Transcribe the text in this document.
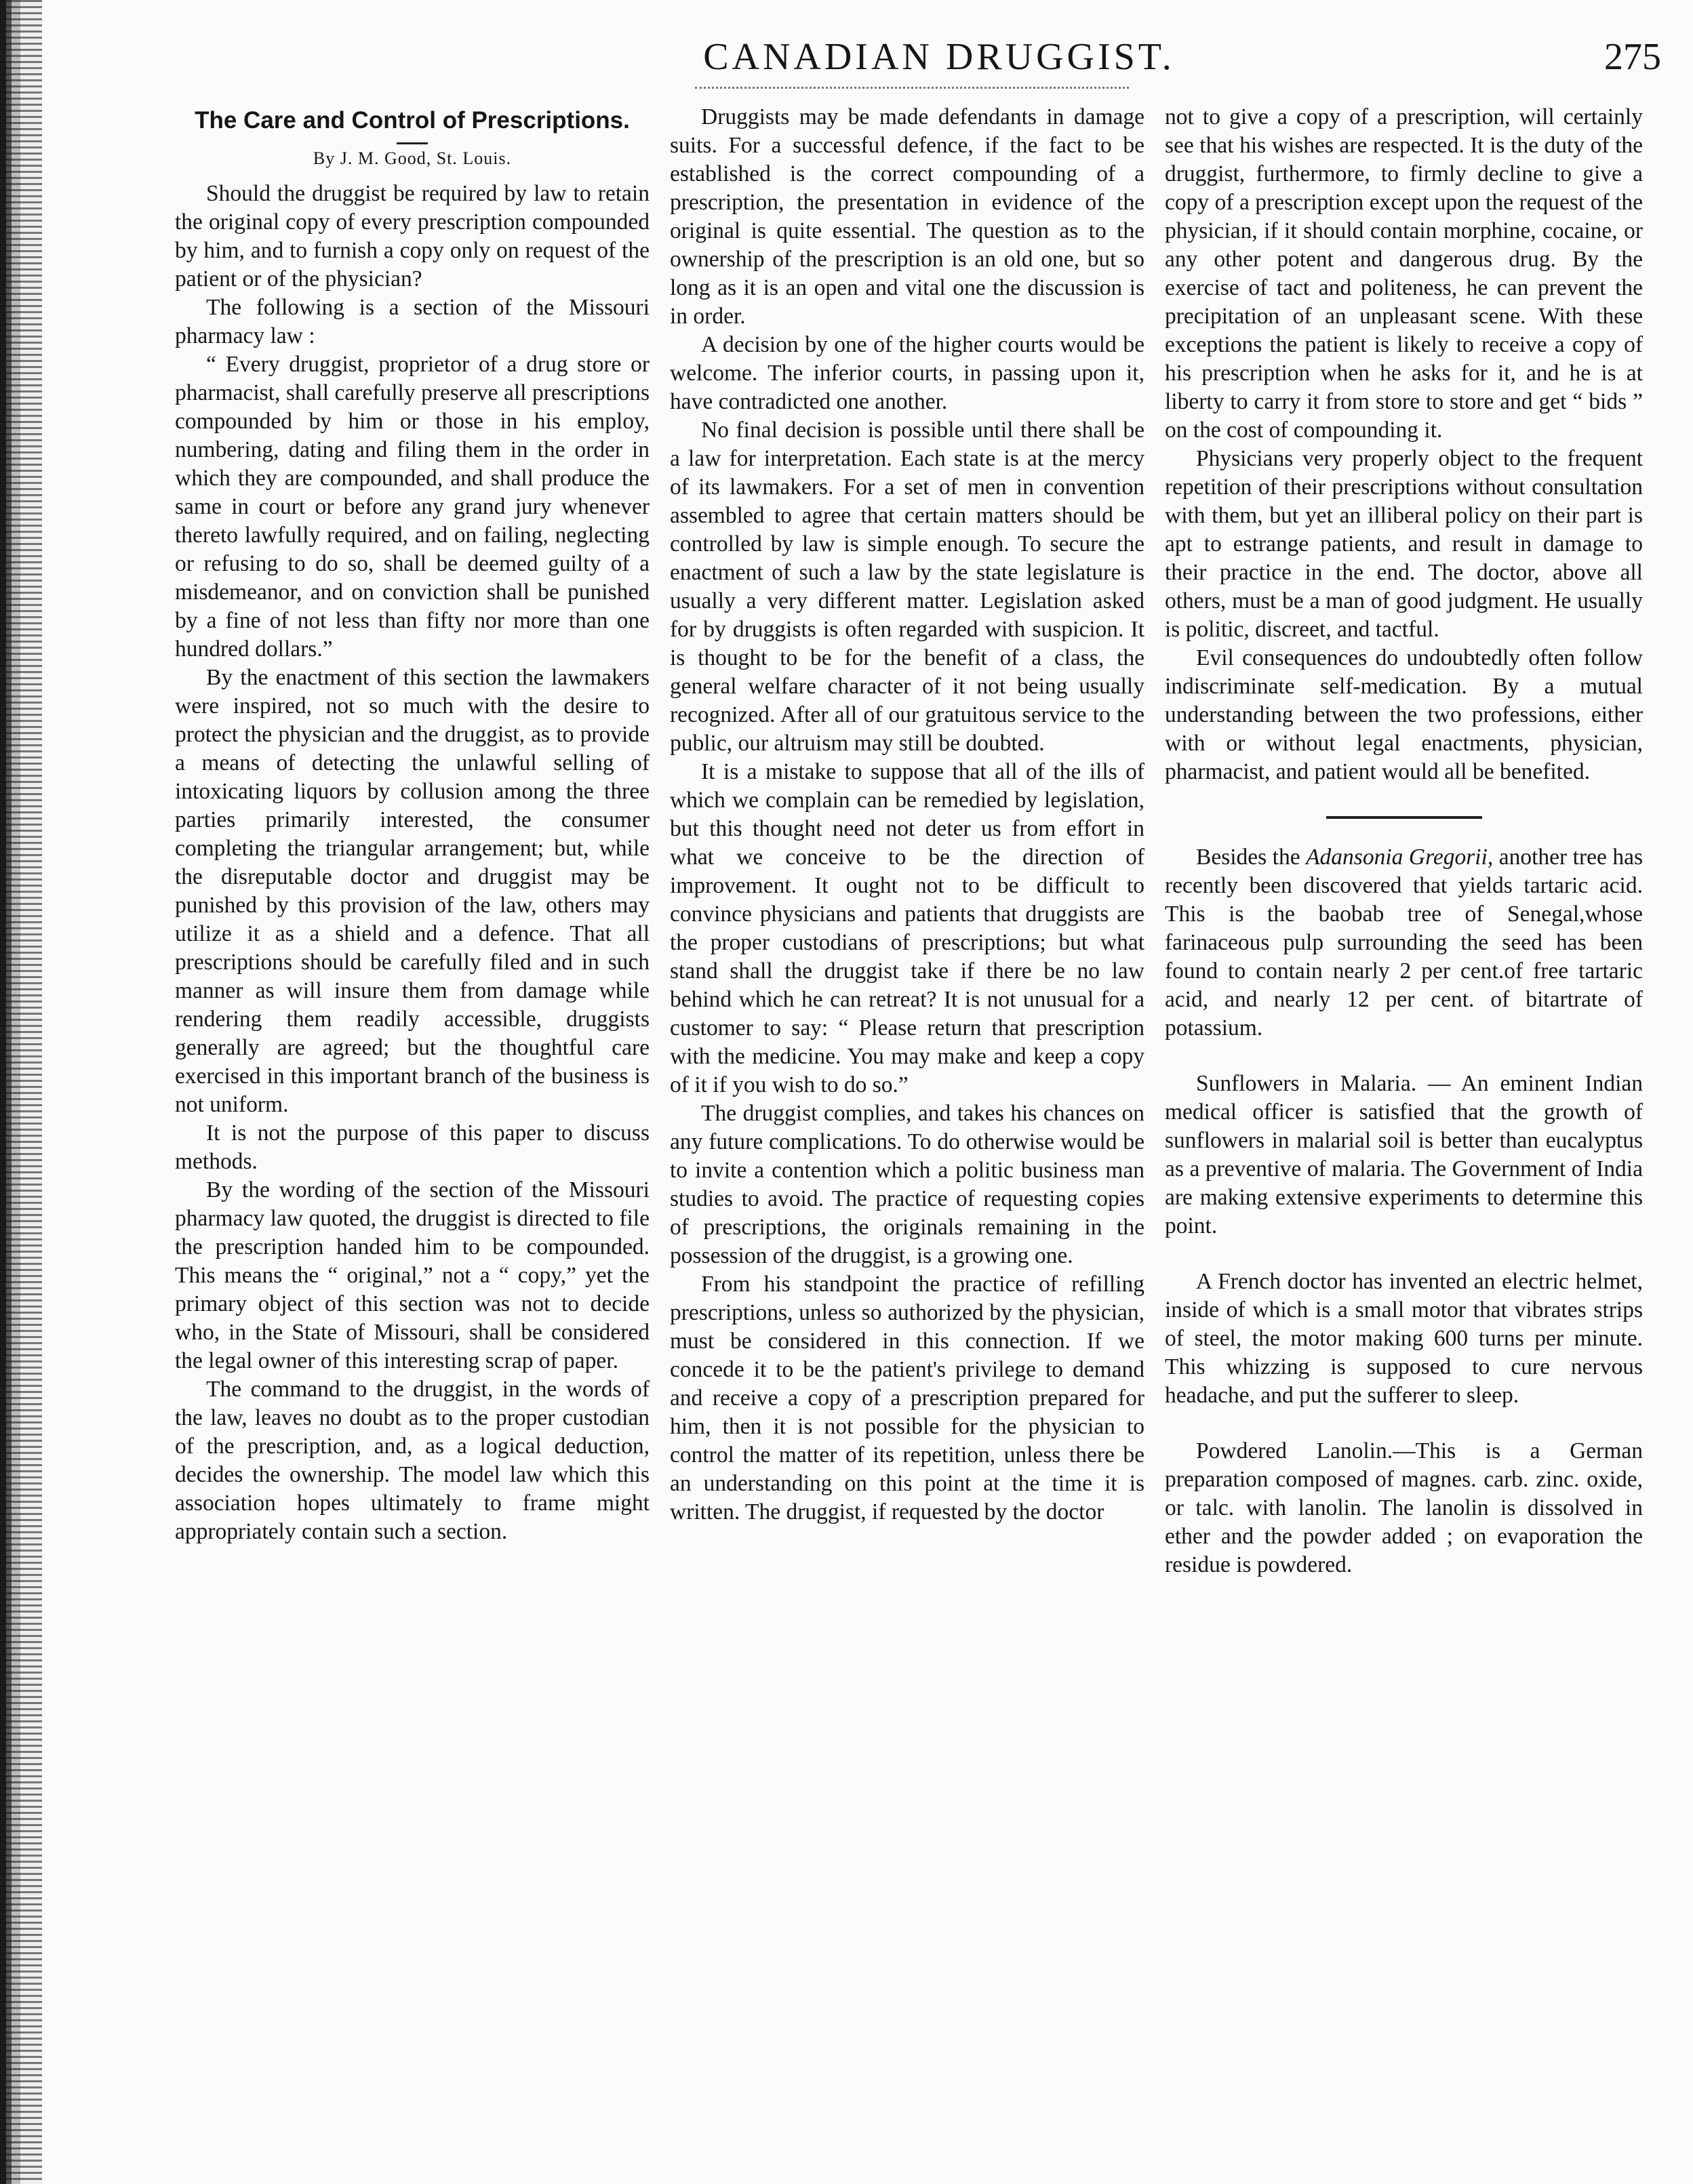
CANADIAN DRUGGIST.	275
The Care and Control of Prescriptions.
By J. M. Good, St. Louis.

Should the druggist be required by law to retain the original copy of every prescription compounded by him, and to furnish a copy only on request of the patient or of the physician?

The following is a section of the Missouri pharmacy law :

“ Every druggist, proprietor of a drug store or pharmacist, shall carefully preserve all prescriptions compounded by him or those in his employ, numbering, dating and filing them in the order in which they are compounded, and shall produce the same in court or before any grand jury whenever thereto lawfully required, and on failing, neglecting or refusing to do so, shall be deemed guilty of a misdemeanor, and on conviction shall be punished by a fine of not less than fifty nor more than one hundred dollars.”

By the enactment of this section the lawmakers were inspired, not so much with the desire to protect the physician and the druggist, as to provide a means of detecting the unlawful selling of intoxicating liquors by collusion among the three parties primarily interested, the consumer completing the triangular arrangement; but, while the disreputable doctor and druggist may be punished by this provision of the law, others may utilize it as a shield and a defence. That all prescriptions should be carefully filed and in such manner as will insure them from damage while rendering them readily accessible, druggists generally are agreed; but the thoughtful care exercised in this important branch of the business is not uniform.

It is not the purpose of this paper to discuss methods.

By the wording of the section of the Missouri pharmacy law quoted, the druggist is directed to file the prescription handed him to be compounded. This means the “ original,” not a “ copy,” yet the primary object of this section was not to decide who, in the State of Missouri, shall be considered the legal owner of this interesting scrap of paper.

The command to the druggist, in the words of the law, leaves no doubt as to the proper custodian of the prescription, and, as a logical deduction, decides the ownership. The model law which this association hopes ultimately to frame might appropriately contain such a section.

Druggists may be made defendants in damage suits. For a successful defence, if the fact to be established is the correct compounding of a prescription, the presentation in evidence of the original is quite essential. The question as to the ownership of the prescription is an old one, but so long as it is an open and vital one the discussion is in order.

A decision by one of the higher courts would be welcome. The inferior courts, in passing upon it, have contradicted one another.

No final decision is possible until there shall be a law for interpretation. Each state is at the mercy of its lawmakers. For a set of men in convention assembled to agree that certain matters should be controlled by law is simple enough. To secure the enactment of such a law by the state legislature is usually a very different matter. Legislation asked for by druggists is often regarded with suspicion. It is thought to be for the benefit of a class, the general welfare character of it not being usually recognized. After all of our gratuitous service to the public, our altruism may still be doubted.

It is a mistake to suppose that all of the ills of which we complain can be remedied by legislation, but this thought need not deter us from effort in what we conceive to be the direction of improvement. It ought not to be difficult to convince physicians and patients that druggists are the proper custodians of prescriptions; but what stand shall the druggist take if there be no law behind which he can retreat? It is not unusual for a customer to say: “ Please return that prescription with the medicine. You may make and keep a copy of it if you wish to do so.”

The druggist complies, and takes his chances on any future complications. To do otherwise would be to invite a contention which a politic business man studies to avoid. The practice of requesting copies of prescriptions, the originals remaining in the possession of the druggist, is a growing one.

From his standpoint the practice of refilling prescriptions, unless so authorized by the physician, must be considered in this connection. If we concede it to be the patient's privilege to demand and receive a copy of a prescription prepared for him, then it is not possible for the physician to control the matter of its repetition, unless there be an understanding on this point at the time it is written. The druggist, if requested by the doctor

not to give a copy of a prescription, will certainly see that his wishes are respected. It is the duty of the druggist, furthermore, to firmly decline to give a copy of a prescription except upon the request of the physician, if it should contain morphine, cocaine, or any other potent and dangerous drug. By the exercise of tact and politeness, he can prevent the precipitation of an unpleasant scene. With these exceptions the patient is likely to receive a copy of his prescription when he asks for it, and he is at liberty to carry it from store to store and get “ bids ” on the cost of compounding it.

Physicians very properly object to the frequent repetition of their prescriptions without consultation with them, but yet an illiberal policy on their part is apt to estrange patients, and result in damage to their practice in the end. The doctor, above all others, must be a man of good judgment. He usually is politic, discreet, and tactful.

Evil consequences do undoubtedly often follow indiscriminate self-medication. By a mutual understanding between the two professions, either with or without legal enactments, physician, pharmacist, and patient would all be benefited.

Besides the Adansonia Gregorii, another tree has recently been discovered that yields tartaric acid. This is the baobab tree of Senegal,whose farinaceous pulp surrounding the seed has been found to contain nearly 2 per cent.of free tartaric acid, and nearly 12 per cent. of bitartrate of potassium.

Sunflowers in Malaria. — An eminent Indian medical officer is satisfied that the growth of sunflowers in malarial soil is better than eucalyptus as a preventive of malaria. The Government of India are making extensive experiments to determine this point.

A French doctor has invented an electric helmet, inside of which is a small motor that vibrates strips of steel, the motor making 600 turns per minute. This whizzing is supposed to cure nervous headache, and put the sufferer to sleep.

Powdered Lanolin.—This is a German preparation composed of magnes. carb. zinc. oxide, or talc. with lanolin. The lanolin is dissolved in ether and the powder added ; on evaporation the residue is powdered.
